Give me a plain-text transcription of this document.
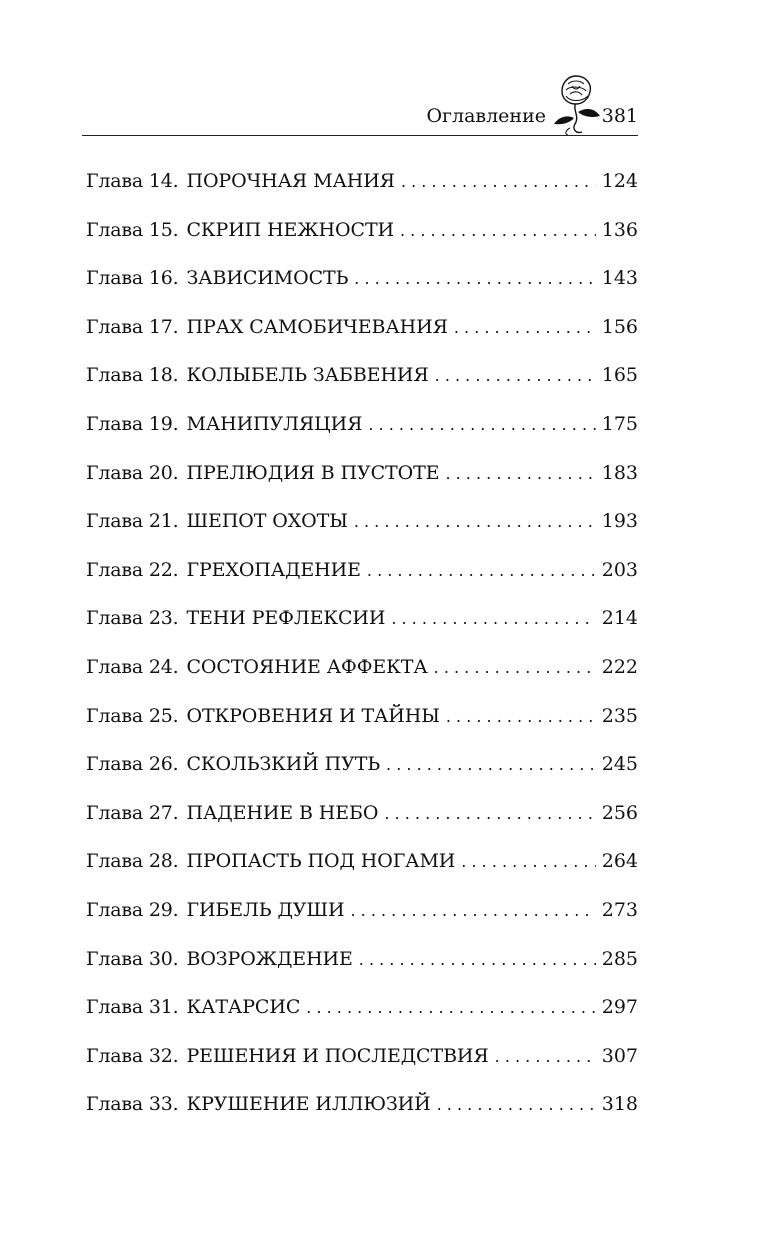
Оглавление	381
Глава 14. ПОРОЧНАЯ МАНИЯ . . .	124
Глава 15. СКРИП НЕЖНОСТИ . . .	136
Глава 16. ЗАВИСИМОСТЬ . . .	143
Глава 17. ПРАХ САМОБИЧЕВАНИЯ . . .	156
Глава 18. КОЛЫБЕЛЬ ЗАБВЕНИЯ . . .	165
Глава 19. МАНИПУЛЯЦИЯ . . .	175
Глава 20. ПРЕЛЮДИЯ В ПУСТОТЕ . . .	183
Глава 21. ШЕПОТ ОХОТЫ . . .	193
Глава 22. ГРЕХОПАДЕНИЕ . . .	203
Глава 23. ТЕНИ РЕФЛЕКСИИ . . .	214
Глава 24. СОСТОЯНИЕ АФФЕКТА . . .	222
Глава 25. ОТКРОВЕНИЯ И ТАЙНЫ . . .	235
Глава 26. СКОЛЬЗКИЙ ПУТЬ . . .	245
Глава 27. ПАДЕНИЕ В НЕБО . . .	256
Глава 28. ПРОПАСТЬ ПОД НОГАМИ . . .	264
Глава 29. ГИБЕЛЬ ДУШИ . . .	273
Глава 30. ВОЗРОЖДЕНИЕ . . .	285
Глава 31. КАТАРСИС . . .	297
Глава 32. РЕШЕНИЯ И ПОСЛЕДСТВИЯ . . .	307
Глава 33. КРУШЕНИЕ ИЛЛЮЗИЙ . . .	318
